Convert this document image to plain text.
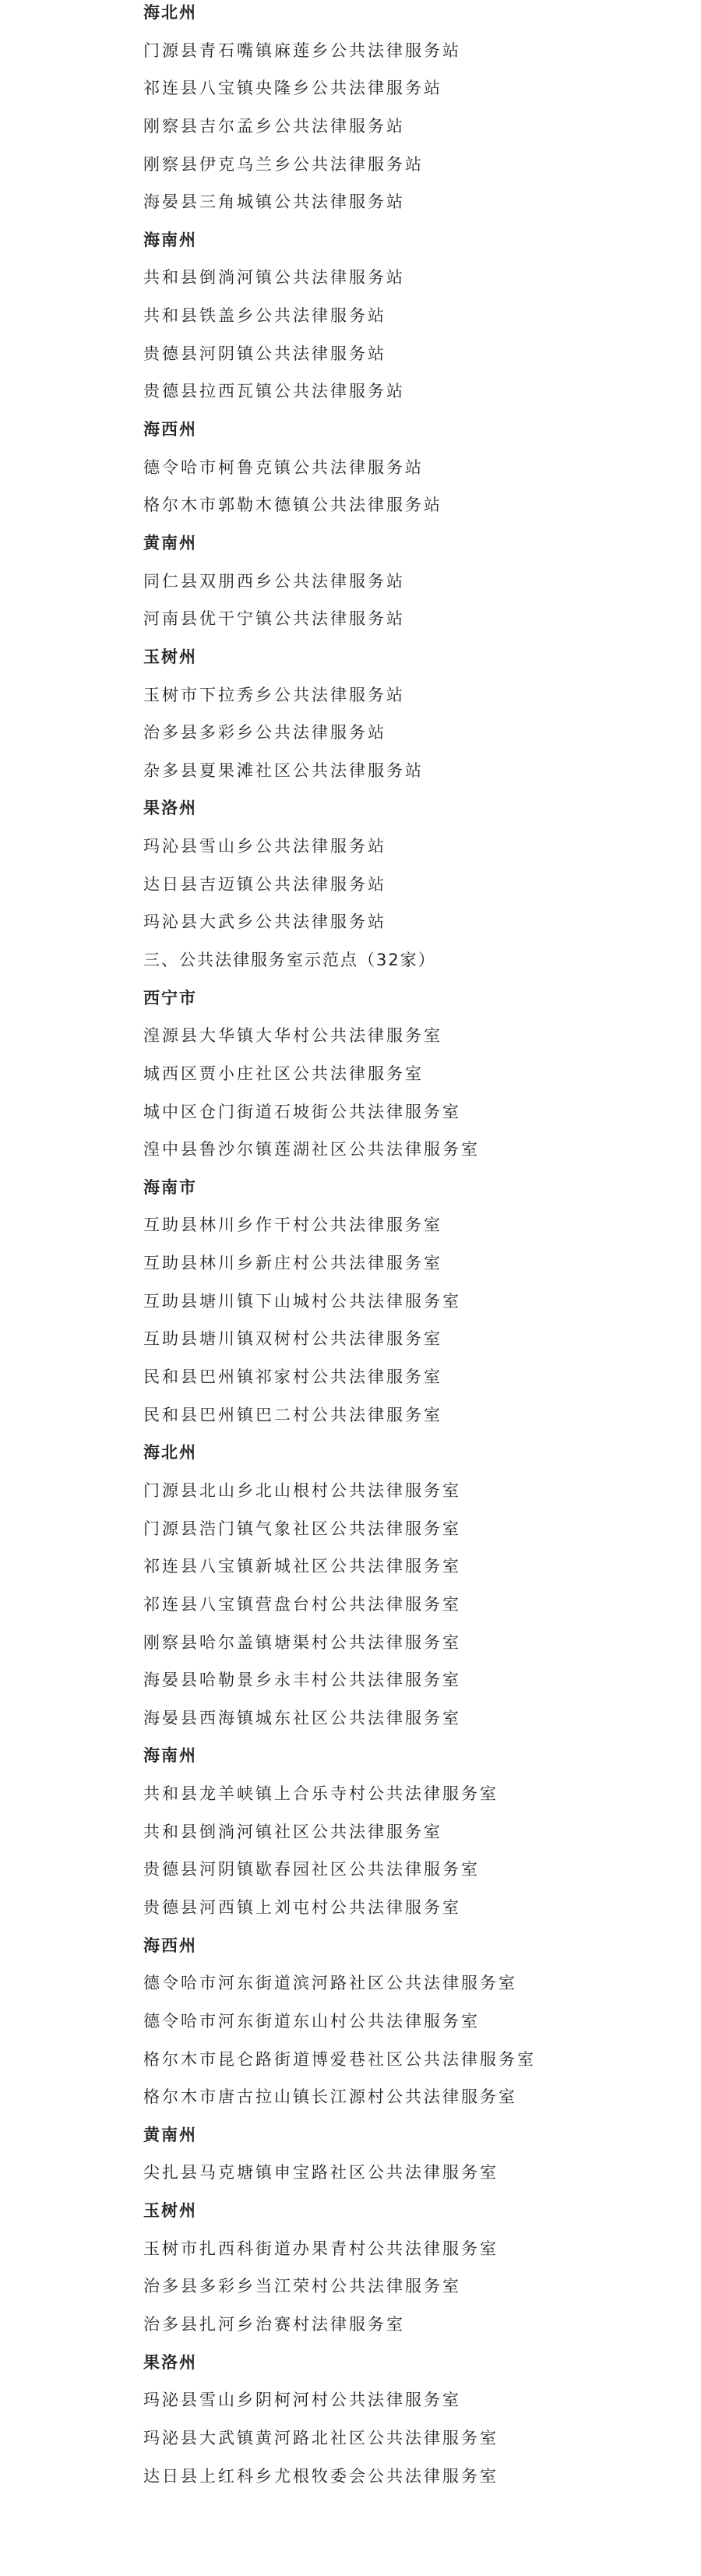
海北州
门源县青石嘴镇麻莲乡公共法律服务站
祁连县八宝镇央隆乡公共法律服务站
刚察县吉尔孟乡公共法律服务站
刚察县伊克乌兰乡公共法律服务站
海晏县三角城镇公共法律服务站
海南州
共和县倒淌河镇公共法律服务站
共和县铁盖乡公共法律服务站
贵德县河阴镇公共法律服务站
贵德县拉西瓦镇公共法律服务站
海西州
德令哈市柯鲁克镇公共法律服务站
格尔木市郭勒木德镇公共法律服务站
黄南州
同仁县双朋西乡公共法律服务站
河南县优干宁镇公共法律服务站
玉树州
玉树市下拉秀乡公共法律服务站
治多县多彩乡公共法律服务站
杂多县夏果滩社区公共法律服务站
果洛州
玛沁县雪山乡公共法律服务站
达日县吉迈镇公共法律服务站
玛沁县大武乡公共法律服务站
三、公共法律服务室示范点（32家）
西宁市
湟源县大华镇大华村公共法律服务室
城西区贾小庄社区公共法律服务室
城中区仓门街道石坡街公共法律服务室
湟中县鲁沙尔镇莲湖社区公共法律服务室
海南市
互助县林川乡作干村公共法律服务室
互助县林川乡新庄村公共法律服务室
互助县塘川镇下山城村公共法律服务室
互助县塘川镇双树村公共法律服务室
民和县巴州镇祁家村公共法律服务室
民和县巴州镇巴二村公共法律服务室
海北州
门源县北山乡北山根村公共法律服务室
门源县浩门镇气象社区公共法律服务室
祁连县八宝镇新城社区公共法律服务室
祁连县八宝镇营盘台村公共法律服务室
刚察县哈尔盖镇塘渠村公共法律服务室
海晏县哈勒景乡永丰村公共法律服务室
海晏县西海镇城东社区公共法律服务室
海南州
共和县龙羊峡镇上合乐寺村公共法律服务室
共和县倒淌河镇社区公共法律服务室
贵德县河阴镇歇春园社区公共法律服务室
贵德县河西镇上刘屯村公共法律服务室
海西州
德令哈市河东街道滨河路社区公共法律服务室
德令哈市河东街道东山村公共法律服务室
格尔木市昆仑路街道博爱巷社区公共法律服务室
格尔木市唐古拉山镇长江源村公共法律服务室
黄南州
尖扎县马克塘镇申宝路社区公共法律服务室
玉树州
玉树市扎西科街道办果青村公共法律服务室
治多县多彩乡当江荣村公共法律服务室
治多县扎河乡治赛村法律服务室
果洛州
玛泌县雪山乡阴柯河村公共法律服务室
玛泌县大武镇黄河路北社区公共法律服务室
达日县上红科乡尤根牧委会公共法律服务室
